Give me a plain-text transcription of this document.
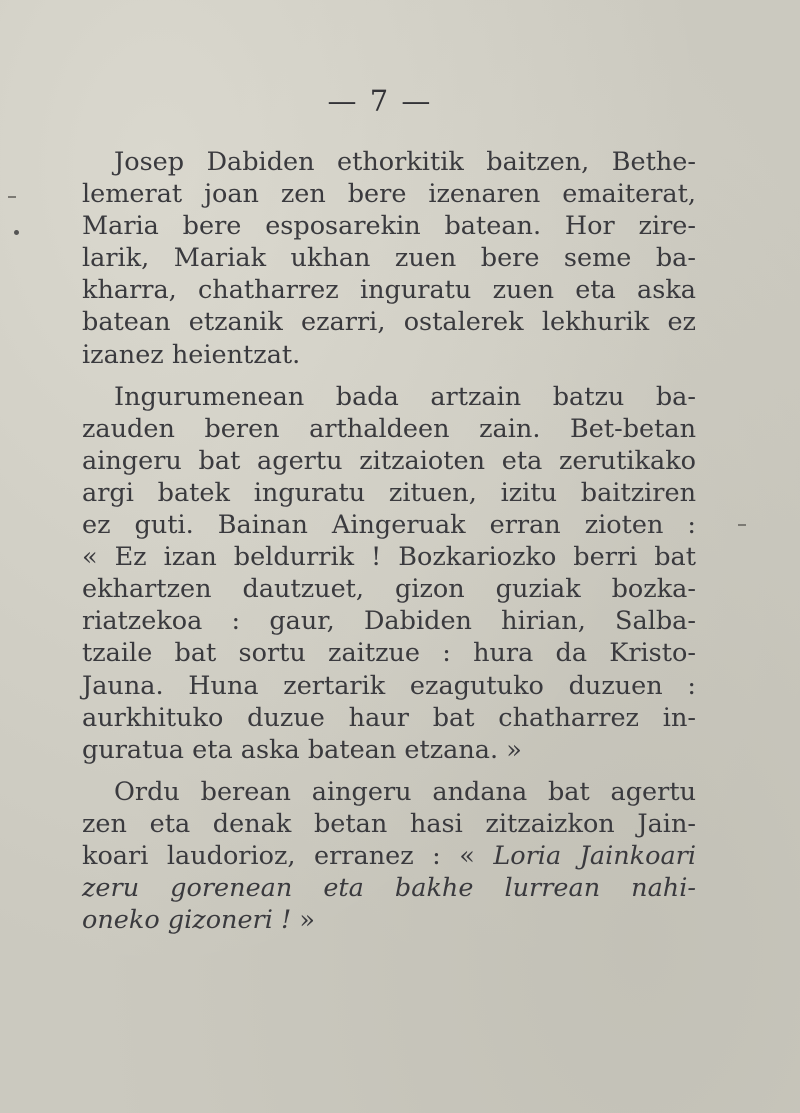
— 7 —
Josep Dabiden ethorkitik baitzen, Bethe-
lemerat joan zen bere izenaren emaiterat,
Maria bere esposarekin batean. Hor zire-
larik, Mariak ukhan zuen bere seme ba-
kharra, chatharrez inguratu zuen eta aska
batean etzanik ezarri, ostalerek lekhurik ez
izanez heientzat.
Ingurumenean bada artzain batzu ba-
zauden beren arthaldeen zain. Bet-betan
aingeru bat agertu zitzaioten eta zerutikako
argi batek inguratu zituen, izitu baitziren
ez guti. Bainan Aingeruak erran zioten :
« Ez izan beldurrik ! Bozkariozko berri bat
ekhartzen dautzuet, gizon guziak bozka-
riatzekoa : gaur, Dabiden hirian, Salba-
tzaile bat sortu zaitzue : hura da Kristo-
Jauna. Huna zertarik ezagutuko duzuen :
aurkhituko duzue haur bat chatharrez in-
guratua eta aska batean etzana. »
Ordu berean aingeru andana bat agertu
zen eta denak betan hasi zitzaizkon Jain-
koari laudorioz, erranez : « Loria Jainkoari
zeru gorenean eta bakhe lurrean nahi-
oneko gizoneri ! »
